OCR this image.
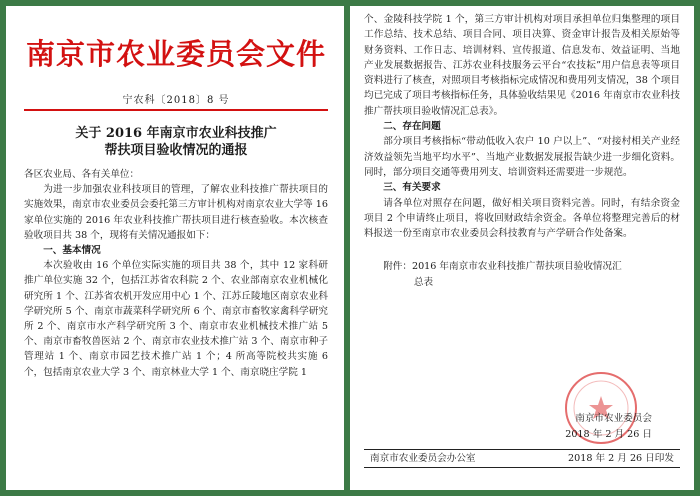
南京市农业委员会文件
宁农科〔2018〕8 号
关于 2016 年南京市农业科技推广
帮扶项目验收情况的通报

各区农业局、各有关单位：

为进一步加强农业科技项目的管理，了解农业科技推广帮扶项目的实施效果，南京市农业委员会委托第三方审计机构对南京农业大学等 16 家单位实施的 2016 年农业科技推广帮扶项目进行核查验收。本次核查验收项目共 38 个，现将有关情况通报如下：

一、基本情况

本次验收由 16 个单位实际实施的项目共 38 个，其中 12 家科研推广单位实施 32 个，包括江苏省农科院 2 个、农业部南京农业机械化研究所 1 个、江苏省农机开发应用中心 1 个、江苏丘陵地区南京农业科学研究所 5 个、南京市蔬菜科学研究所 6 个、南京市畜牧家禽科学研究所 2 个、南京市水产科学研究所 3 个、南京市农业机械技术推广站 5 个、南京市畜牧兽医站 2 个、南京市农业技术推广站 3 个、南京市种子管理站 1 个、南京市园艺技术推广站 1 个；4 所高等院校共实施 6 个，包括南京农业大学 3 个、南京林业大学 1 个、南京晓庄学院 1

个、金陵科技学院 1 个，第三方审计机构对项目承担单位归集整理的项目工作总结、技术总结、项目合同、项目决算、资金审计报告及相关原始等财务资料、工作日志、培训材料、宣传报道、信息发布、效益证明、当地产业发展数据报告、江苏农业科技服务云平台“农技耘”用户信息表等项目资料进行了核查，对照项目考核指标完成情况和费用列支情况，38 个项目均已完成了项目考核指标任务，具体验收结果见《2016 年南京市农业科技推广帮扶项目验收情况汇总表》。

二、存在问题

部分项目考核指标“带动低收入农户 10 户以上”、“对接村相关产业经济效益领先当地平均水平”、当地产业数据发展报告缺少进一步细化资料。同时，部分项目交通等费用列支、培训资料还需要进一步规范。

三、有关要求

请各单位对照存在问题，做好相关项目资料完善。同时，有结余资金项目 2 个申请终止项目，将收回财政结余资金。各单位将整理完善后的材料报送一份至南京市农业委员会科技教育与产学研合作处备案。

附件：2016 年南京市农业科技推广帮扶项目验收情况汇
总表
南京市农业委员会
2018 年 2 月 26 日
南京市农业委员会办公室	2018 年 2 月 26 日印发
